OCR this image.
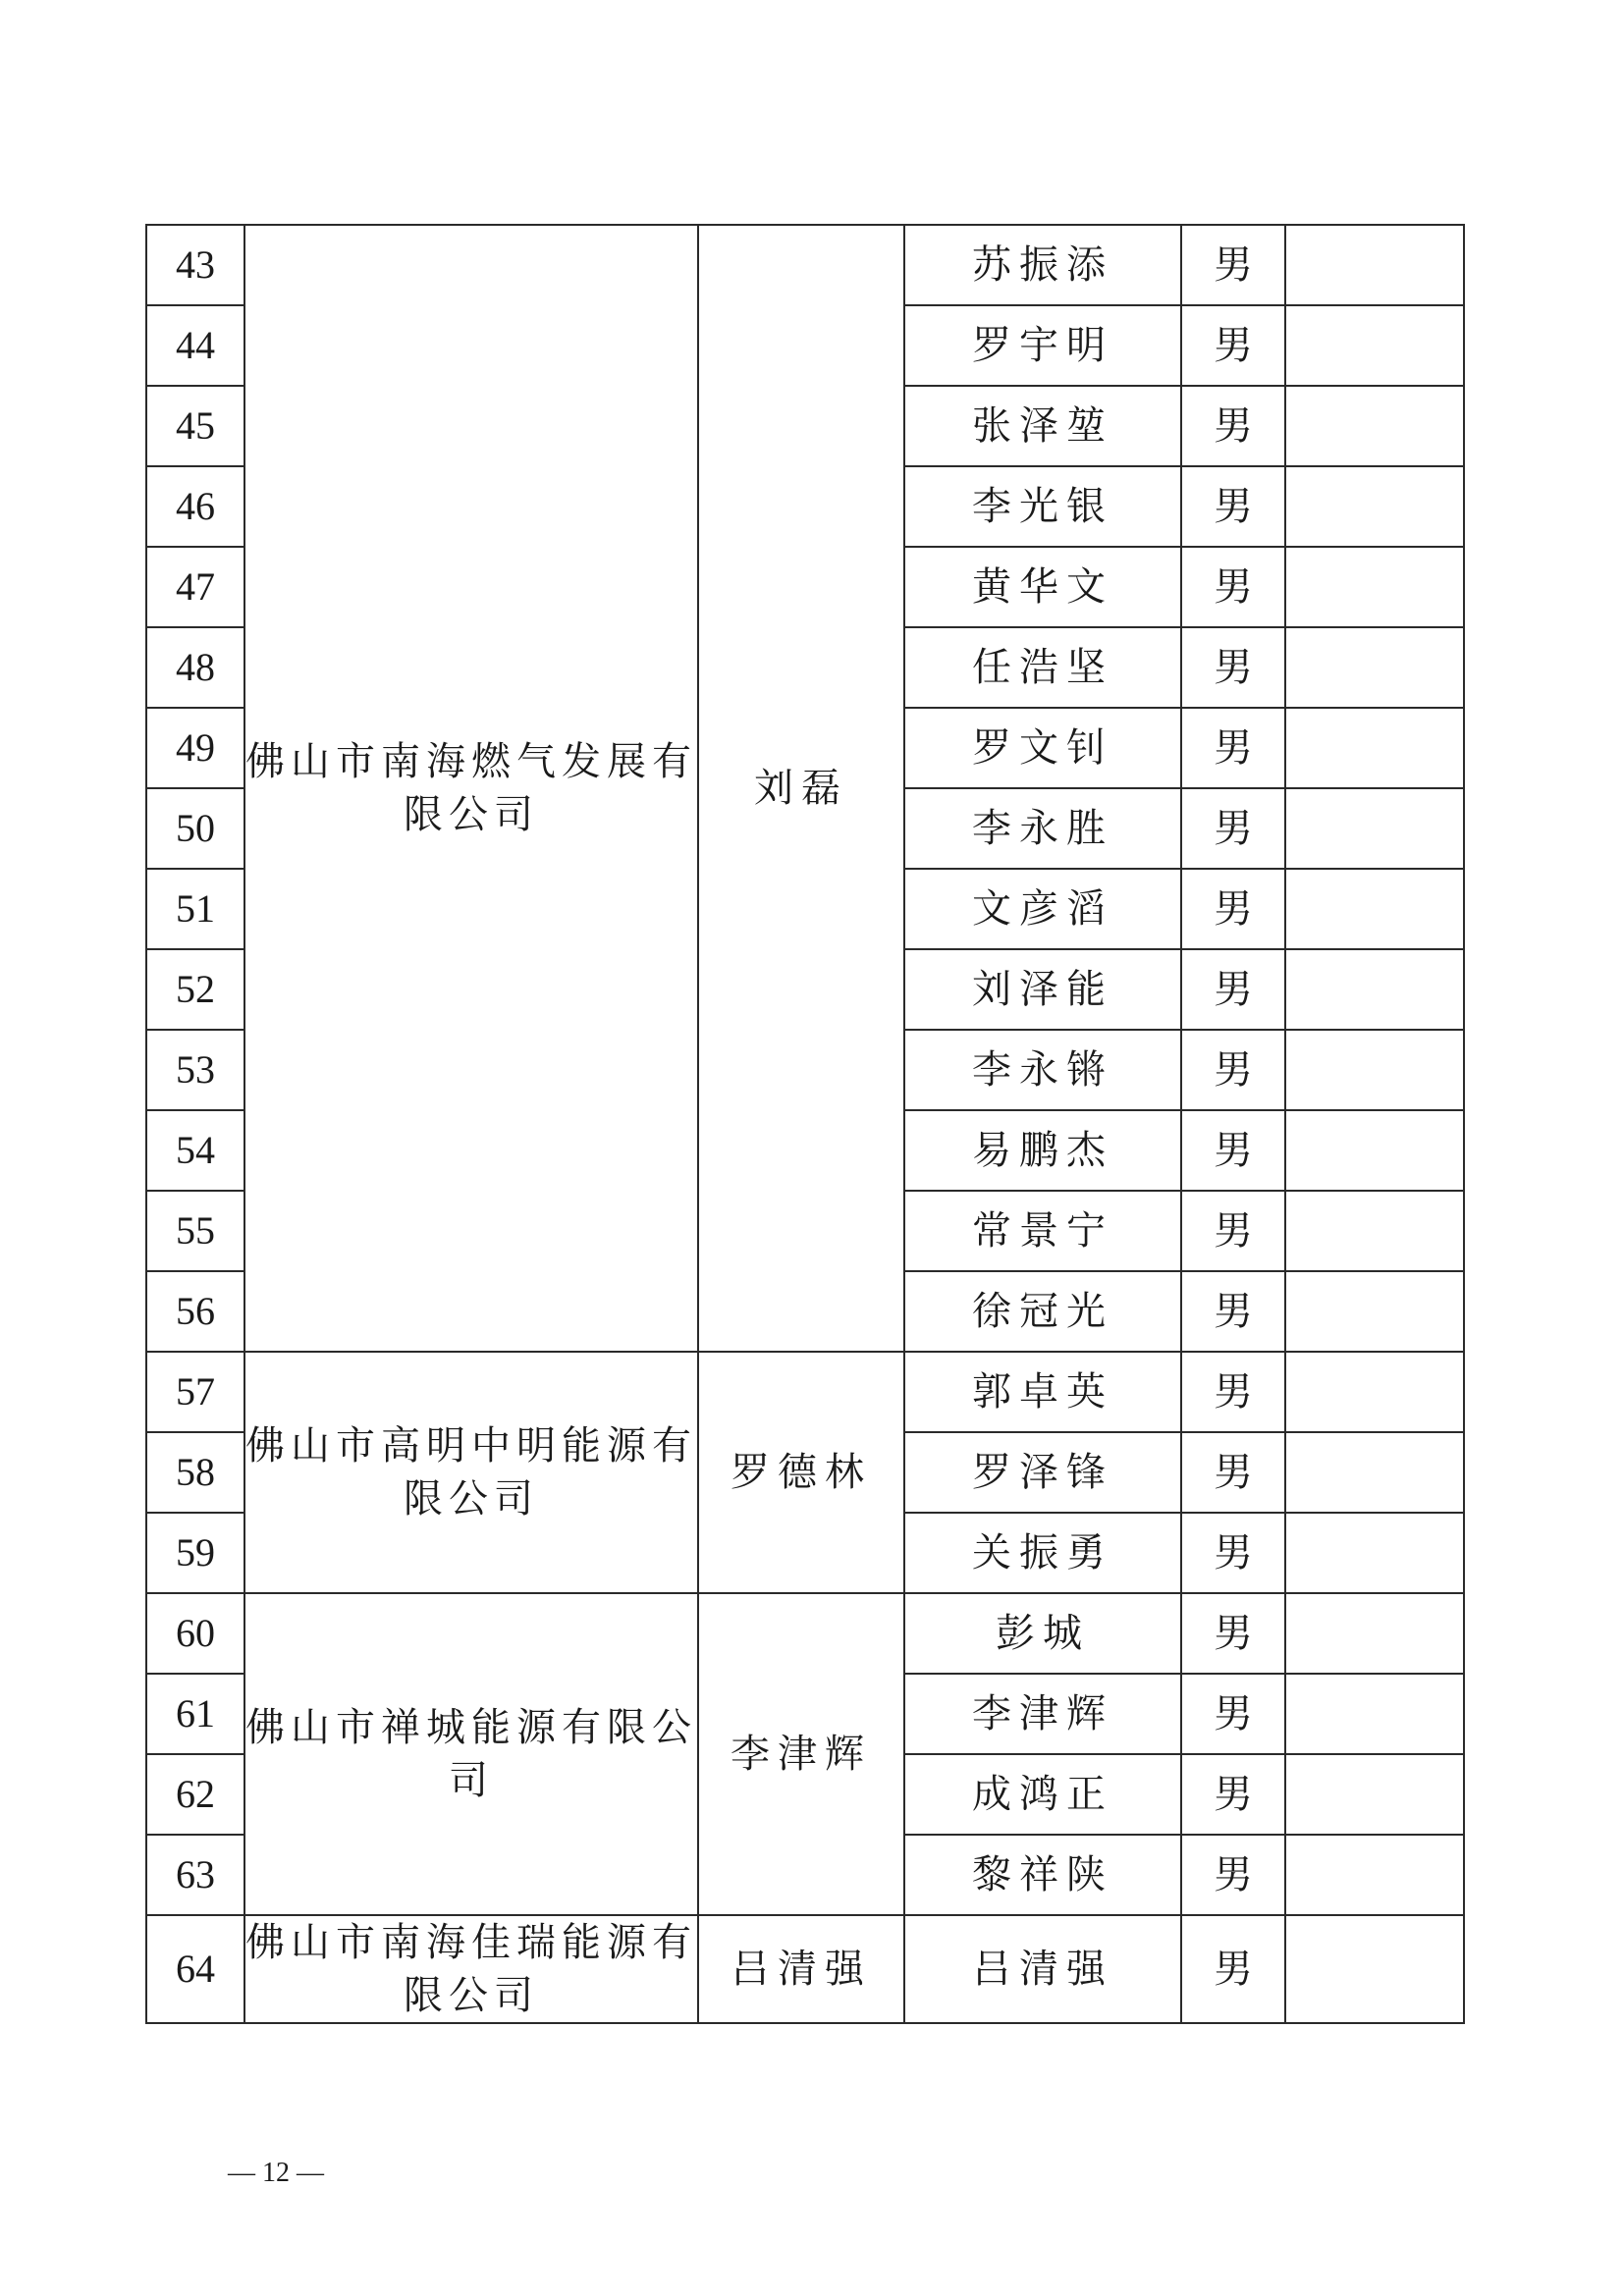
43	佛山市南海燃气发展有限公司	刘磊	苏振添	男	
44			罗宇明	男	
45			张泽堃	男	
46			李光银	男	
47			黄华文	男	
48			任浩坚	男	
49			罗文钊	男	
50			李永胜	男	
51			文彦滔	男	
52			刘泽能	男	
53			李永锵	男	
54			易鹏杰	男	
55			常景宁	男	
56			徐冠光	男	
57	佛山市高明中明能源有限公司	罗德林	郭卓英	男	
58			罗泽锋	男	
59			关振勇	男	
60	佛山市禅城能源有限公司	李津辉	彭城	男	
61			李津辉	男	
62			成鸿正	男	
63			黎祥陕	男	
64	佛山市南海佳瑞能源有限公司	吕清强	吕清强	男	
— 12 —
